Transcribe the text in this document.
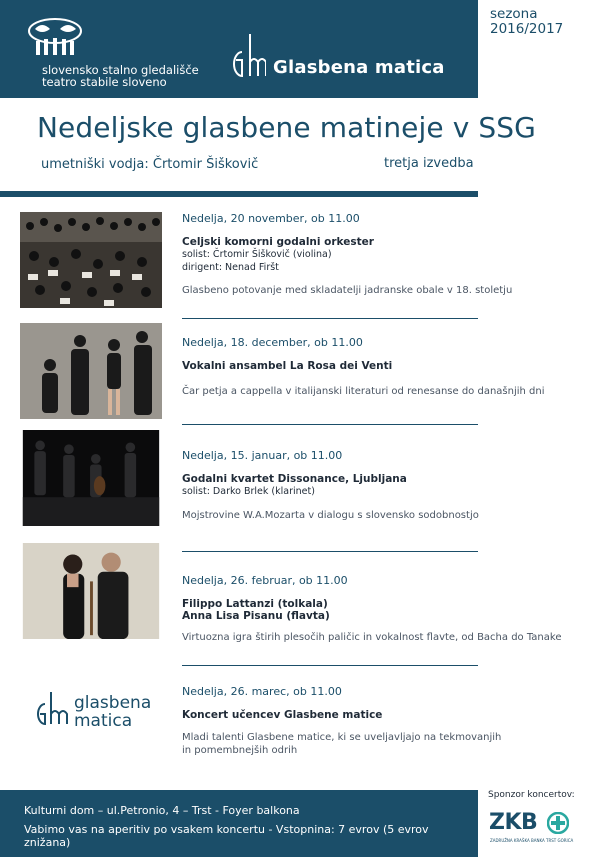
slovensko stalno gledališče
teatro stabile sloveno
Glasbena matica
sezona
2016/2017
Nedeljske glasbene matineje v SSG
umetniški vodja: Črtomir Šiškovič	tretja izvedba
Nedelja, 20 november, ob 11.00
Celjski komorni godalni orkester
solist: Črtomir Šiškovič (violina)
dirigent: Nenad Firšt
Glasbeno potovanje med skladatelji jadranske obale v 18. stoletju
Nedelja, 18. december, ob 11.00
Vokalni ansambel La Rosa dei Venti
Čar petja a cappella v italijanski literaturi od renesanse do današnjih dni
Nedelja, 15. januar, ob 11.00
Godalni kvartet Dissonance, Ljubljana
solist: Darko Brlek (klarinet)
Mojstrovine W.A.Mozarta v dialogu s slovensko sodobnostjo
Nedelja, 26. februar, ob 11.00
Filippo Lattanzi (tolkala)
Anna Lisa Pisanu (flavta)
Virtuozna igra štirih plesočih paličic in vokalnost flavte, od Bacha do Tanake
glasbena
matica
Nedelja, 26. marec, ob 11.00
Koncert učencev Glasbene matice
Mladi talenti Glasbene matice, ki se uveljavljajo na tekmovanjih
in pomembnejših odrih
Kulturni dom – ul.Petronio, 4 – Trst - Foyer balkona
Vabimo vas na aperitiv po vsakem koncertu - Vstopnina: 7 evrov (5 evrov znižana)
Sponzor koncertov:
ZKB
ZADRUŽNA KRAŠKA BANKA TRST GORICA
